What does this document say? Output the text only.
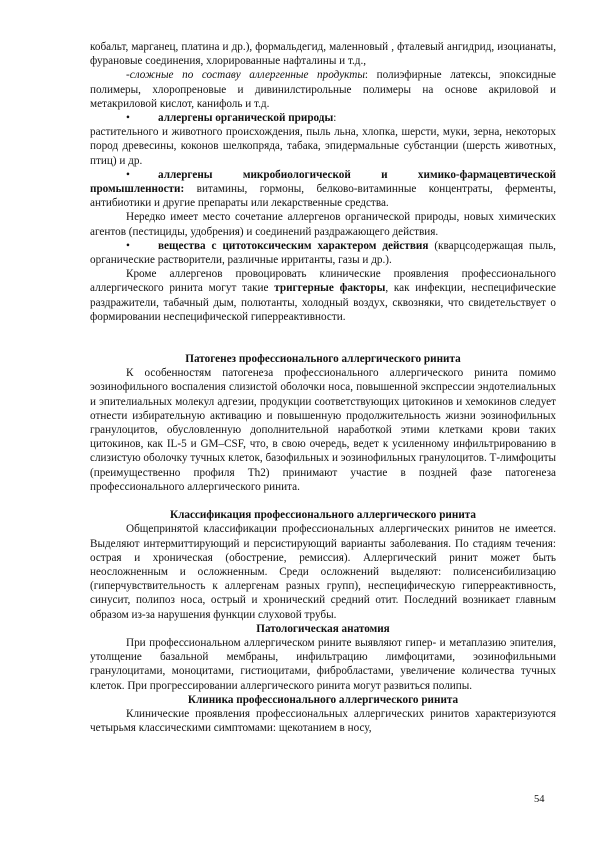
кобальт, марганец, платина и др.), формальдегид, маленновый , фталевый ангидрид, изоцианаты, фурановые соединения, хлорированные нафталины и т.д.,

-сложные по составу аллергенные продукты: полиэфирные латексы, эпоксидные полимеры, хлоропреновые и дивинилстирольные полимеры на основе акриловой и метакриловой кислот, канифоль и т.д.

•	аллергены органической природы:

растительного и животного происхождения, пыль льна, хлопка, шерсти, муки, зерна, некоторых пород древесины, коконов шелкопряда, табака, эпидермальные субстанции (шерсть животных, птиц) и др.

•	аллергены микробиологической и химико-фармацевтической промышленности: витамины, гормоны, белково-витаминные концентраты, ферменты, антибиотики и другие препараты или лекарственные средства.

Нередко имеет место сочетание аллергенов органической природы, новых химических агентов (пестициды, удобрения) и соединений раздражающего действия.

•	вещества с цитотоксическим характером действия (кварцсодержащая пыль, органические растворители, различные ирританты, газы и др.).

Кроме аллергенов провоцировать клинические проявления профессионального аллергического ринита могут такие триггерные факторы, как инфекции, неспецифические раздражители, табачный дым, полютанты, холодный воздух, сквозняки, что свидетельствует о формировании неспецифической гиперреактивности.

Патогенез профессионального аллергического ринита

К особенностям патогенеза профессионального аллергического ринита помимо эозинофильного воспаления слизистой оболочки носа, повышенной экспрессии эндотелиальных и эпителиальных молекул адгезии, продукции соответствующих цитокинов и хемокинов следует отнести избирательную активацию и повышенную продолжительность жизни эозинофильных гранулоцитов, обусловленную дополнительной наработкой этими клетками крови таких цитокинов, как IL-5 и GM–CSF, что, в свою очередь, ведет к усиленному инфильтрированию в слизистую оболочку тучных клеток, базофильных и эозинофильных гранулоцитов. Т-лимфоциты (преимущественно профиля Th2) принимают участие в поздней фазе патогенеза профессионального аллергического ринита.

Классификация профессионального аллергического ринита

Общепринятой классификации профессиональных аллергических ринитов не имеется. Выделяют интермиттирующий и персистирующий варианты заболевания. По стадиям течения: острая и хроническая (обострение, ремиссия). Аллергический ринит может быть неосложненным и осложненным. Среди осложнений выделяют: полисенсибилизацию (гиперчувствительность к аллергенам разных групп), неспецифическую гиперреактивность, синусит, полипоз носа, острый и хронический средний отит. Последний возникает главным образом из-за нарушения функции слуховой трубы.

Патологическая анатомия

При профессиональном аллергическом рините выявляют гипер- и метаплазию эпителия, утолщение базальной мембраны, инфильтрацию лимфоцитами, эозинофильными гранулоцитами, моноцитами, гистиоцитами, фибробластами, увеличение количества тучных клеток. При прогрессировании аллергического ринита могут развиться полипы.

Клиника профессионального аллергического ринита

Клинические проявления профессиональных аллергических ринитов характеризуются четырьмя классическими симптомами: щекотанием в носу,

54
